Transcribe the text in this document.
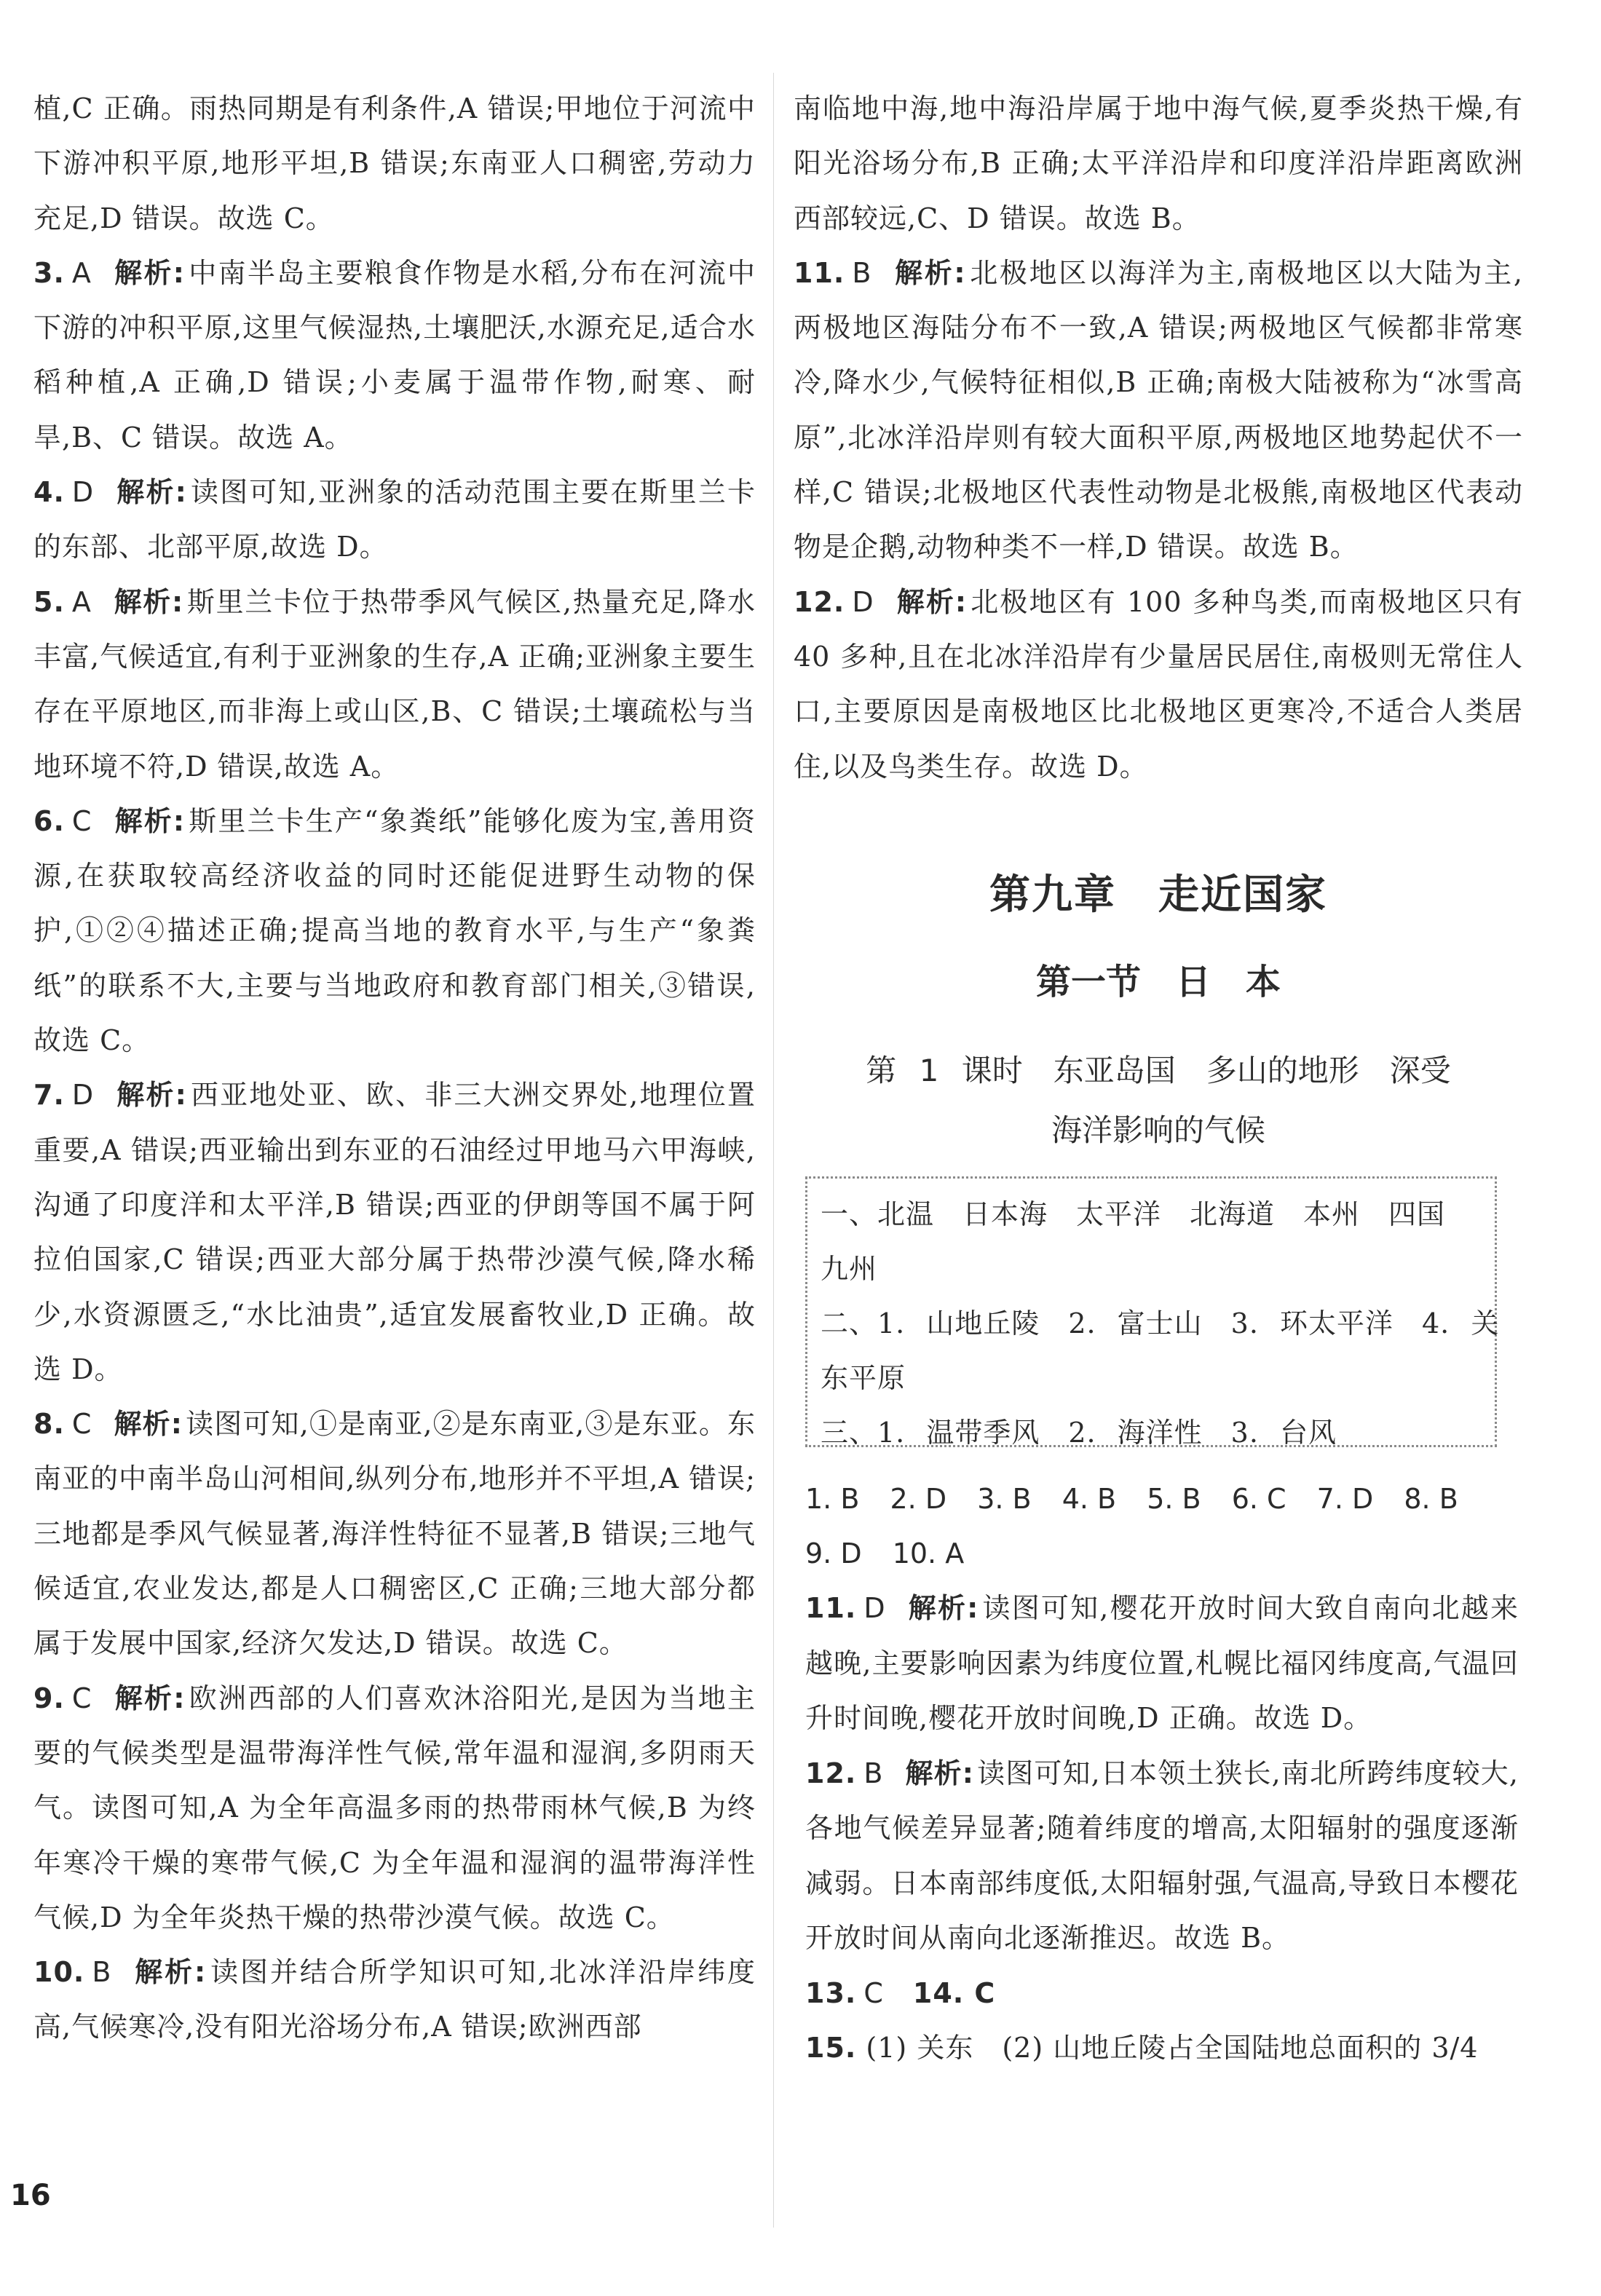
植,C 正确。雨热同期是有利条件,A 错误;甲地位于河流中下游冲积平原,地形平坦,B 错误;东南亚人口稠密,劳动力充足,D 错误。故选 C。

3. A 解析: 中南半岛主要粮食作物是水稻,分布在河流中下游的冲积平原,这里气候湿热,土壤肥沃,水源充足,适合水稻种植,A 正确,D 错误;小麦属于温带作物,耐寒、耐旱,B、C 错误。故选 A。

4. D 解析: 读图可知,亚洲象的活动范围主要在斯里兰卡的东部、北部平原,故选 D。

5. A 解析: 斯里兰卡位于热带季风气候区,热量充足,降水丰富,气候适宜,有利于亚洲象的生存,A 正确;亚洲象主要生存在平原地区,而非海上或山区,B、C 错误;土壤疏松与当地环境不符,D 错误,故选 A。

6. C 解析: 斯里兰卡生产“象粪纸”能够化废为宝,善用资源,在获取较高经济收益的同时还能促进野生动物的保护,①②④描述正确;提高当地的教育水平,与生产“象粪纸”的联系不大,主要与当地政府和教育部门相关,③错误,故选 C。

7. D 解析: 西亚地处亚、欧、非三大洲交界处,地理位置重要,A 错误;西亚输出到东亚的石油经过甲地马六甲海峡,沟通了印度洋和太平洋,B 错误;西亚的伊朗等国不属于阿拉伯国家,C 错误;西亚大部分属于热带沙漠气候,降水稀少,水资源匮乏,“水比油贵”,适宜发展畜牧业,D 正确。故选 D。

8. C 解析: 读图可知,①是南亚,②是东南亚,③是东亚。东南亚的中南半岛山河相间,纵列分布,地形并不平坦,A 错误;三地都是季风气候显著,海洋性特征不显著,B 错误;三地气候适宜,农业发达,都是人口稠密区,C 正确;三地大部分都属于发展中国家,经济欠发达,D 错误。故选 C。

9. C 解析: 欧洲西部的人们喜欢沐浴阳光,是因为当地主要的气候类型是温带海洋性气候,常年温和湿润,多阴雨天气。读图可知,A 为全年高温多雨的热带雨林气候,B 为终年寒冷干燥的寒带气候,C 为全年温和湿润的温带海洋性气候,D 为全年炎热干燥的热带沙漠气候。故选 C。

10. B 解析: 读图并结合所学知识可知,北冰洋沿岸纬度高,气候寒冷,没有阳光浴场分布,A 错误;欧洲西部

南临地中海,地中海沿岸属于地中海气候,夏季炎热干燥,有阳光浴场分布,B 正确;太平洋沿岸和印度洋沿岸距离欧洲西部较远,C、D 错误。故选 B。

11. B 解析: 北极地区以海洋为主,南极地区以大陆为主,两极地区海陆分布不一致,A 错误;两极地区气候都非常寒冷,降水少,气候特征相似,B 正确;南极大陆被称为“冰雪高原”,北冰洋沿岸则有较大面积平原,两极地区地势起伏不一样,C 错误;北极地区代表性动物是北极熊,南极地区代表动物是企鹅,动物种类不一样,D 错误。故选 B。

12. D 解析: 北极地区有 100 多种鸟类,而南极地区只有 40 多种,且在北冰洋沿岸有少量居民居住,南极则无常住人口,主要原因是南极地区比北极地区更寒冷,不适合人类居住,以及鸟类生存。故选 D。

第九章　走近国家
第一节　日　本
第 1 课时　东亚岛国　多山的地形　深受
海洋影响的气候
一、北温　日本海　太平洋　北海道　本州　四国
九州
二、1. 山地丘陵　2. 富士山　3. 环太平洋　4. 关
东平原
三、1. 温带季风　2. 海洋性　3. 台风
1. B 2. D 3. B 4. B 5. B 6. C 7. D 8. B
9. D 10. A

11. D 解析: 读图可知,樱花开放时间大致自南向北越来越晚,主要影响因素为纬度位置,札幌比福冈纬度高,气温回升时间晚,樱花开放时间晚,D 正确。故选 D。

12. B 解析: 读图可知,日本领土狭长,南北所跨纬度较大,各地气候差异显著;随着纬度的增高,太阳辐射的强度逐渐减弱。日本南部纬度低,太阳辐射强,气温高,导致日本樱花开放时间从南向北逐渐推迟。故选 B。

13. C 14. C

15. (1) 关东　(2) 山地丘陵占全国陆地总面积的 3/4

16
